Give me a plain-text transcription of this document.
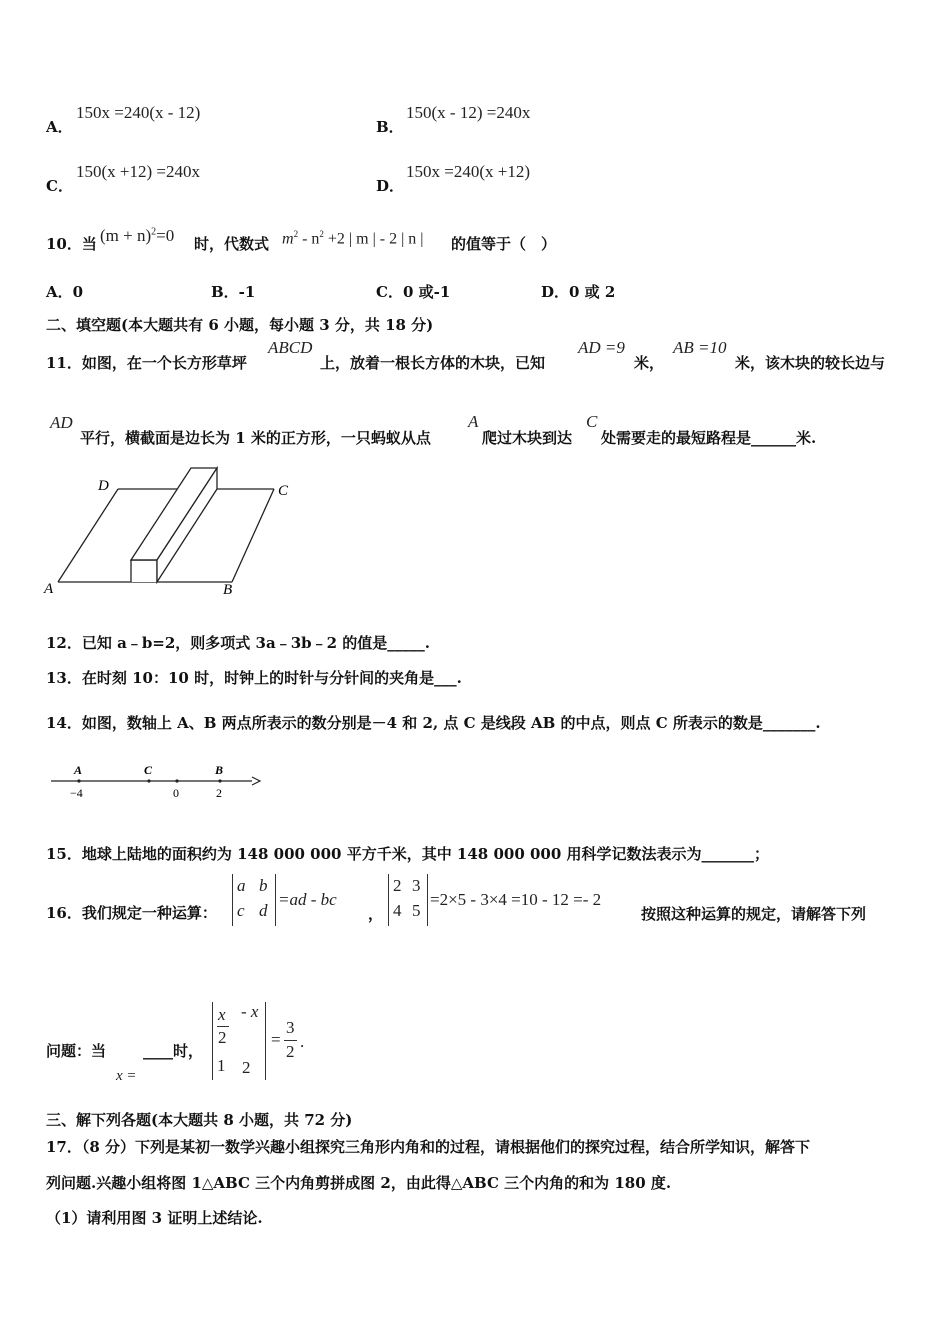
A．
150x =240(x - 12)
B．
150(x - 12) =240x
C．
150(x +12) =240x
D．
150x =240(x +12)
10．当 $(m + n)^2=0$ 时，代数式 $m^2 - n^2 +2$ | m | - 2 | n | 的值等于（　）
A．0	B．-1	C．0 或-1	D．0 或 2
二、填空题(本大题共有 6 小题，每小题 3 分，共 18 分)
11．如图，在一个长方形草坪
ABCD
上，放着一根长方体的木块，已知
AD =9
米，
AB =10
米，该木块的较长边与
AD
平行，横截面是边长为 1 米的正方形，一只蚂蚁从点
A
爬过木块到达
C
处需要走的最短路程是______米.
D	C
A	B
12．已知 a﹣b=2，则多项式 3a﹣3b﹣2 的值是_____.
13．在时刻 10：10 时，时钟上的时针与分针间的夹角是___.
14．如图，数轴上 A、B 两点所表示的数分别是－4 和 2, 点 C 是线段 AB 的中点，则点 C 所表示的数是_______.
A	C	B
−4	0	2
15．地球上陆地的面积约为 148 000 000 平方千米，其中 148 000 000 用科学记数法表示为_______；
16．我们规定一种运算：
a b
c d
=ad - bc
，
2 3
4 5
=2×5 - 3×4 =10 - 12 =- 2
按照这种运算的规定，请解答下列
问题：当
x =
____时，
x
2
- x
1 2
=
3
2
.
三、解下列各题(本大题共 8 小题，共 72 分)
17．（8 分）下列是某初一数学兴趣小组探究三角形内角和的过程，请根据他们的探究过程，结合所学知识，解答下
列问题.兴趣小组将图 1△ABC 三个内角剪拼成图 2，由此得△ABC 三个内角的和为 180 度.
（1）请利用图 3 证明上述结论.
